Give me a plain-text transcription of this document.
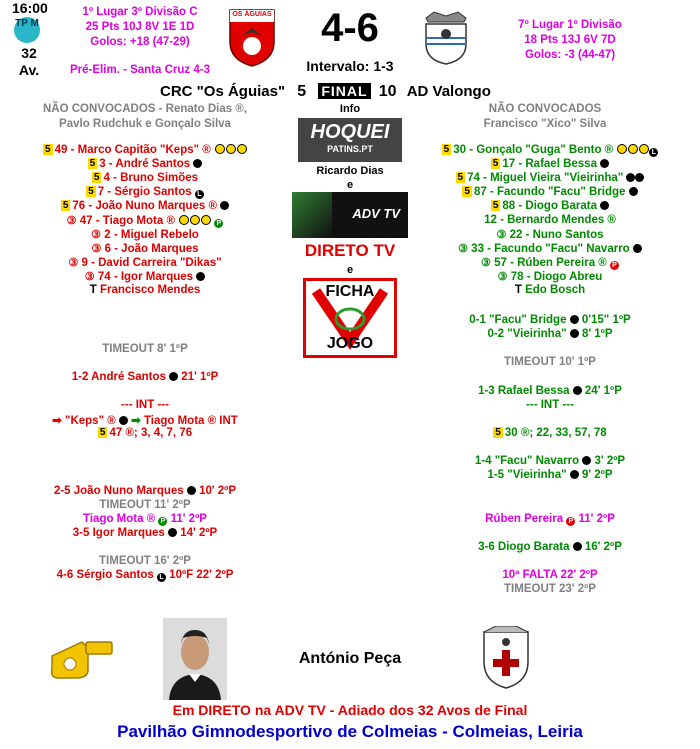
16:00
TP M
32
Av.
1º Lugar 3º Divisão C
25 Pts 10J 8V 1E 1D
Golos: +18 (47-29)
Pré-Elim. - Santa Cruz 4-3
OS ÁGUIAS	4-6
Intervalo: 1-3
7º Lugar 1º Divisão
18 Pts 13J 6V 7D
Golos: -3 (44-47)
CRC "Os Águias" 5 FINAL 10 AD Valongo
NÃO CONVOCADOS - Renato Dias ®,
Pavlo Rudchuk e Gonçalo Silva
NÃO CONVOCADOS
Francisco "Xico" Silva
Info
HOQUEI
PATINS.PT
Ricardo Dias
e
ADV TV
DIRETO TV
e
FICHA
JOGO
5 49 - Marco Capitão "Keps" ®
5 3 - André Santos
5 4 - Bruno Simões
5 7 - Sérgio Santos L
5 76 - João Nuno Marques ®
③ 47 - Tiago Mota ®	P
③ 2 - Miguel Rebelo
③ 6 - João Marques
③ 9 - David Carreira "Dikas"
③ 74 - Igor Marques
T Francisco Mendes
5 30 - Gonçalo "Guga" Bento ®	L
5 17 - Rafael Bessa
5 74 - Miguel Vieira "Vieirinha"
5 87 - Facundo "Facu" Bridge
5 88 - Diogo Barata
12 - Bernardo Mendes ®
③ 22 - Nuno Santos
③ 33 - Facundo "Facu" Navarro
③ 57 - Rúben Pereira ® P
③ 78 - Diogo Abreu
T Edo Bosch
0-1 "Facu" Bridge 0'15" 1ºP
0-2 "Vieirinha" 8' 1ºP
TIMEOUT 8' 1ºP
TIMEOUT 10' 1ºP
1-2 André Santos 21' 1ºP
1-3 Rafael Bessa 24' 1ºP
--- INT ---	--- INT ---
➡ "Keps" ® ➡ Tiago Mota ® INT
5 47 ®; 3, 4, 7, 76	5 30 ®; 22, 33, 57, 78
1-4 "Facu" Navarro 3' 2ºP
1-5 "Vieirinha" 9' 2ºP
2-5 João Nuno Marques 10' 2ºP
TIMEOUT 11' 2ºP
Tiago Mota ® P 11' 2ºP	Rúben Pereira P 11' 2ºP
3-5 Igor Marques 14' 2ºP
3-6 Diogo Barata 16' 2ºP
TIMEOUT 16' 2ºP
4-6 Sérgio Santos L 10ºF 22' 2ºP	10ª FALTA 22' 2ºP
TIMEOUT 23' 2ºP
António Peça
Em DIRETO na ADV TV - Adiado dos 32 Avos de Final
Pavilhão Gimnodesportivo de Colmeias - Colmeias, Leiria
